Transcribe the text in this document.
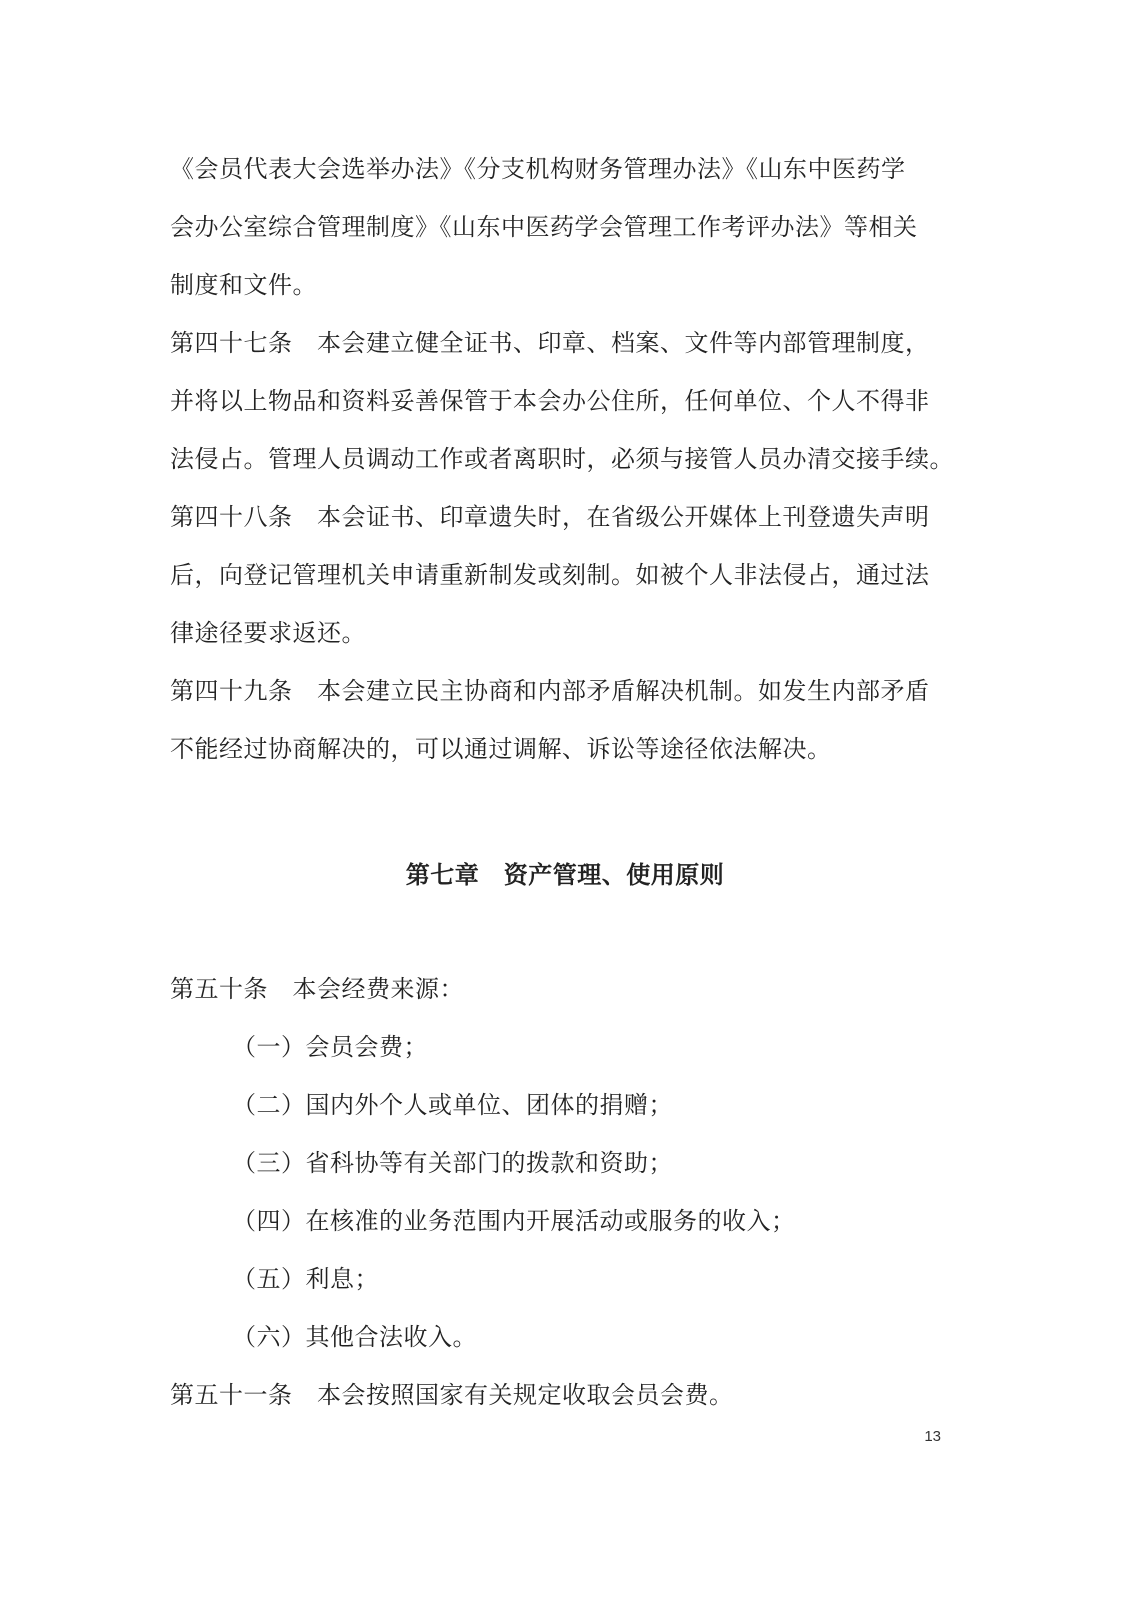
《会员代表大会选举办法》《分支机构财务管理办法》《山东中医药学
会办公室综合管理制度》《山东中医药学会管理工作考评办法》等相关
制度和文件。
第四十七条　本会建立健全证书、印章、档案、文件等内部管理制度，
并将以上物品和资料妥善保管于本会办公住所，任何单位、个人不得非
法侵占。管理人员调动工作或者离职时，必须与接管人员办清交接手续。
第四十八条　本会证书、印章遗失时，在省级公开媒体上刊登遗失声明
后，向登记管理机关申请重新制发或刻制。如被个人非法侵占，通过法
律途径要求返还。
第四十九条　本会建立民主协商和内部矛盾解决机制。如发生内部矛盾
不能经过协商解决的，可以通过调解、诉讼等途径依法解决。
第七章　资产管理、使用原则
第五十条　本会经费来源：
（一）会员会费；
（二）国内外个人或单位、团体的捐赠；
（三）省科协等有关部门的拨款和资助；
（四）在核准的业务范围内开展活动或服务的收入；
（五）利息；
（六）其他合法收入。
第五十一条　本会按照国家有关规定收取会员会费。
13
